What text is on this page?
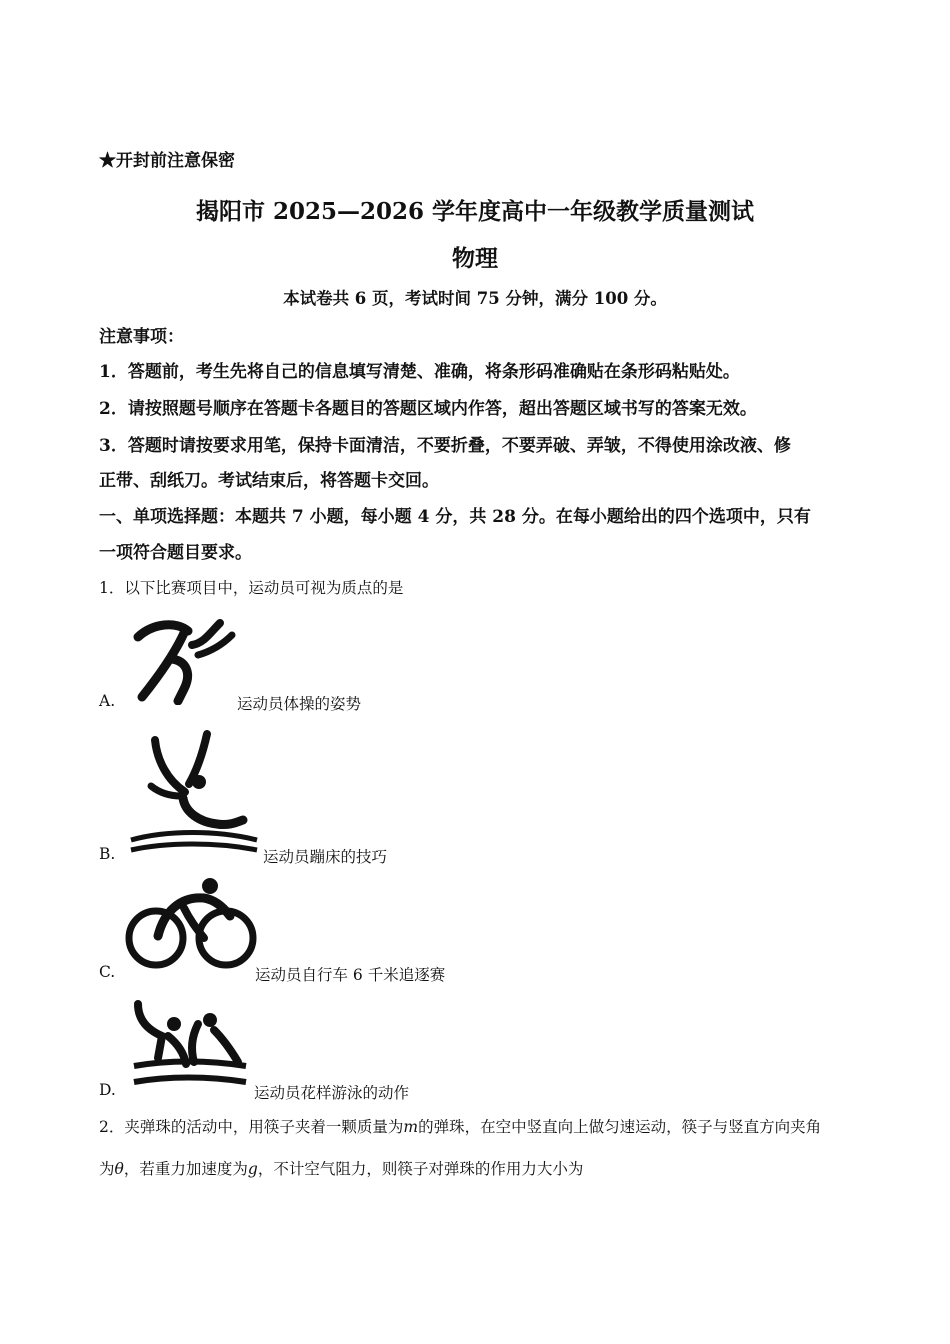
★开封前注意保密
揭阳市 2025—2026 学年度高中一年级教学质量测试
物理
本试卷共 6 页，考试时间 75 分钟，满分 100 分。
注意事项：
1．答题前，考生先将自己的信息填写清楚、准确，将条形码准确贴在条形码粘贴处。
2．请按照题号顺序在答题卡各题目的答题区域内作答，超出答题区域书写的答案无效。
3．答题时请按要求用笔，保持卡面清洁，不要折叠，不要弄破、弄皱，不得使用涂改液、修
正带、刮纸刀。考试结束后，将答题卡交回。
一、单项选择题：本题共 7 小题，每小题 4 分，共 28 分。在每小题给出的四个选项中，只有
一项符合题目要求。
1．以下比赛项目中，运动员可视为质点的是
A.	运动员体操的姿势
B.	运动员蹦床的技巧
C.	运动员自行车 6 千米追逐赛
D.	运动员花样游泳的动作
2．夹弹珠的活动中，用筷子夹着一颗质量为m的弹珠，在空中竖直向上做匀速运动，筷子与竖直方向夹角
为θ，若重力加速度为g，不计空气阻力，则筷子对弹珠的作用力大小为
